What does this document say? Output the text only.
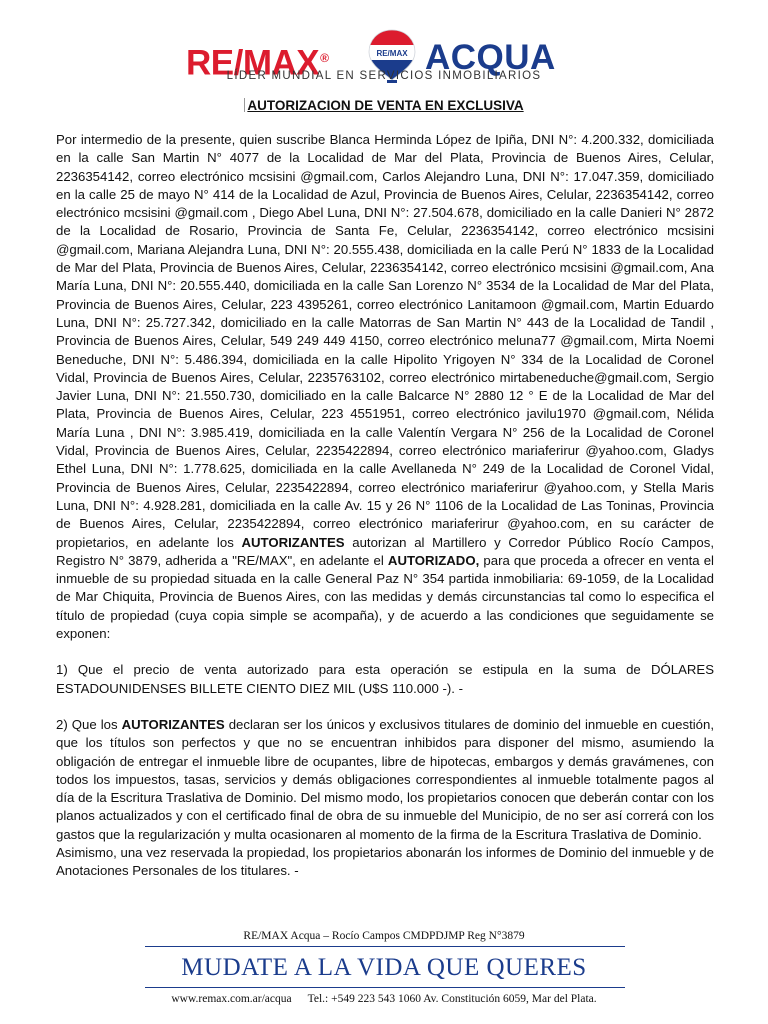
RE/MAX®	RE/MAX ACQUA
LÍDER MUNDIAL EN SERVICIOS INMOBILIARIOS
AUTORIZACION DE VENTA EN EXCLUSIVA

Por intermedio de la presente, quien suscribe Blanca Herminda López de Ipiña, DNI N°: 4.200.332, domiciliada en la calle San Martin N° 4077 de la Localidad de Mar del Plata, Provincia de Buenos Aires, Celular, 2236354142, correo electrónico mcsisini @gmail.com, Carlos Alejandro Luna, DNI N°: 17.047.359, domiciliado en la calle 25 de mayo N° 414 de la Localidad de Azul, Provincia de Buenos Aires, Celular, 2236354142, correo electrónico mcsisini @gmail.com , Diego Abel Luna, DNI N°: 27.504.678, domiciliado en la calle Danieri N° 2872 de la Localidad de Rosario, Provincia de Santa Fe, Celular, 2236354142, correo electrónico mcsisini @gmail.com, Mariana Alejandra Luna, DNI N°: 20.555.438, domiciliada en la calle Perú N° 1833 de la Localidad de Mar del Plata, Provincia de Buenos Aires, Celular, 2236354142, correo electrónico mcsisini @gmail.com, Ana María Luna, DNI N°: 20.555.440, domiciliada en la calle San Lorenzo N° 3534 de la Localidad de Mar del Plata, Provincia de Buenos Aires, Celular, 223 4395261, correo electrónico Lanitamoon @gmail.com, Martin Eduardo Luna, DNI N°: 25.727.342, domiciliado en la calle Matorras de San Martin N° 443 de la Localidad de Tandil , Provincia de Buenos Aires, Celular, 549 249 449 4150, correo electrónico meluna77 @gmail.com, Mirta Noemi Beneduche, DNI N°: 5.486.394, domiciliada en la calle Hipolito Yrigoyen N° 334 de la Localidad de Coronel Vidal, Provincia de Buenos Aires, Celular, 2235763102, correo electrónico mirtabeneduche@gmail.com, Sergio Javier Luna, DNI N°: 21.550.730, domiciliado en la calle Balcarce N° 2880 12 ° E de la Localidad de Mar del Plata, Provincia de Buenos Aires, Celular, 223 4551951, correo electrónico javilu1970 @gmail.com, Nélida María Luna , DNI N°: 3.985.419, domiciliada en la calle Valentín Vergara N° 256 de la Localidad de Coronel Vidal, Provincia de Buenos Aires, Celular, 2235422894, correo electrónico mariaferirur @yahoo.com, Gladys Ethel Luna, DNI N°: 1.778.625, domiciliada en la calle Avellaneda N° 249 de la Localidad de Coronel Vidal, Provincia de Buenos Aires, Celular, 2235422894, correo electrónico mariaferirur @yahoo.com, y Stella Maris Luna, DNI N°: 4.928.281, domiciliada en la calle Av. 15 y 26 N° 1106 de la Localidad de Las Toninas, Provincia de Buenos Aires, Celular, 2235422894, correo electrónico mariaferirur @yahoo.com, en su carácter de propietarios, en adelante los AUTORIZANTES autorizan al Martillero y Corredor Público Rocío Campos, Registro N° 3879, adherida a "RE/MAX", en adelante el AUTORIZADO, para que proceda a ofrecer en venta el inmueble de su propiedad situada en la calle General Paz N° 354 partida inmobiliaria: 69-1059, de la Localidad de Mar Chiquita, Provincia de Buenos Aires, con las medidas y demás circunstancias tal como lo especifica el título de propiedad (cuya copia simple se acompaña), y de acuerdo a las condiciones que seguidamente se exponen:

1) Que el precio de venta autorizado para esta operación se estipula en la suma de DÓLARES ESTADOUNIDENSES BILLETE CIENTO DIEZ MIL (U$S 110.000 -). -

2) Que los AUTORIZANTES declaran ser los únicos y exclusivos titulares de dominio del inmueble en cuestión, que los títulos son perfectos y que no se encuentran inhibidos para disponer del mismo, asumiendo la obligación de entregar el inmueble libre de ocupantes, libre de hipotecas, embargos y demás gravámenes, con todos los impuestos, tasas, servicios y demás obligaciones correspondientes al inmueble totalmente pagos al día de la Escritura Traslativa de Dominio. Del mismo modo, los propietarios conocen que deberán contar con los planos actualizados y con el certificado final de obra de su inmueble del Municipio, de no ser así correrá con los gastos que la regularización y multa ocasionaren al momento de la firma de la Escritura Traslativa de Dominio.

Asimismo, una vez reservada la propiedad, los propietarios abonarán los informes de Dominio del inmueble y de Anotaciones Personales de los titulares. -

RE/MAX Acqua – Rocío Campos CMDPDJMP Reg N°3879
MUDATE A LA VIDA QUE QUERES
www.remax.com.ar/acqua Tel.: +549 223 543 1060 Av. Constitución 6059, Mar del Plata.
